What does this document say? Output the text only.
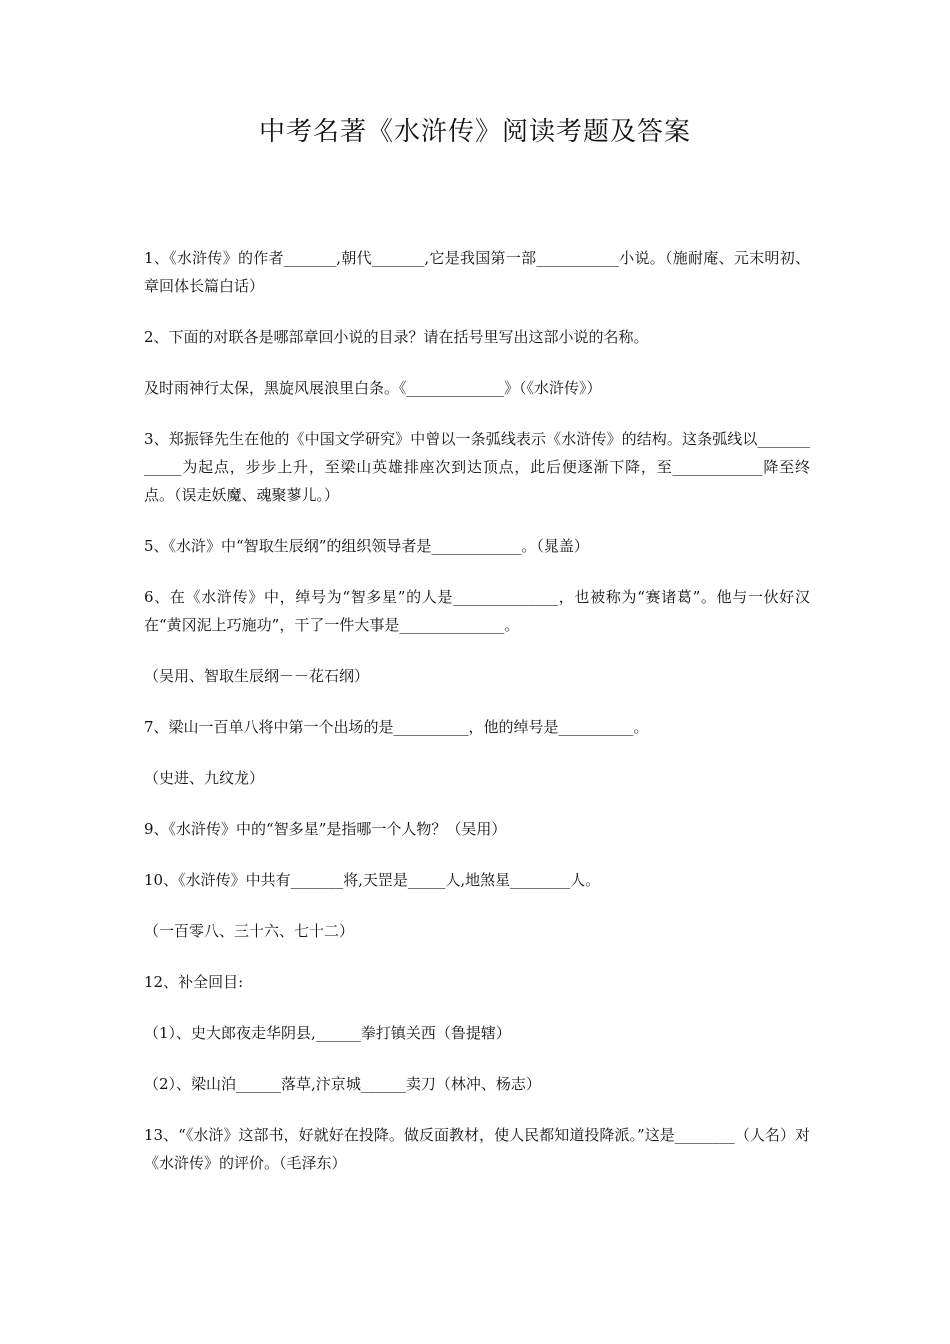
中考名著《水浒传》阅读考题及答案

1、《水浒传》的作者_______,朝代_______,它是我国第一部___________小说。（施耐庵、元末明初、章回体长篇白话）

2、下面的对联各是哪部章回小说的目录？请在括号里写出这部小说的名称。

及时雨神行太保，黑旋风展浪里白条。《_____________》（《水浒传》）

3、郑振铎先生在他的《中国文学研究》中曾以一条弧线表示《水浒传》的结构。这条弧线以____________为起点，步步上升，至梁山英雄排座次到达顶点，此后便逐渐下降，至____________降至终点。（误走妖魔、魂聚蓼儿。）

5、《水浒》中“智取生辰纲”的组织领导者是____________。（晁盖）

6、在《水浒传》中，绰号为“智多星”的人是______________，也被称为“赛诸葛”。他与一伙好汉在“黄冈泥上巧施功”，干了一件大事是______________。

（吴用、智取生辰纲－－花石纲）

7、梁山一百单八将中第一个出场的是__________，他的绰号是__________。

（史进、九纹龙）

9、《水浒传》中的“智多星”是指哪一个人物？（吴用）

10、《水浒传》中共有_______将,天罡是_____人,地煞星________人。

（一百零八、三十六、七十二）

12、补全回目:

（1）、史大郎夜走华阴县,______拳打镇关西（鲁提辖）

（2）、梁山泊______落草,汴京城______卖刀（林冲、杨志）

13、“《水浒》这部书，好就好在投降。做反面教材，使人民都知道投降派。”这是________（人名）对《水浒传》的评价。（毛泽东）
